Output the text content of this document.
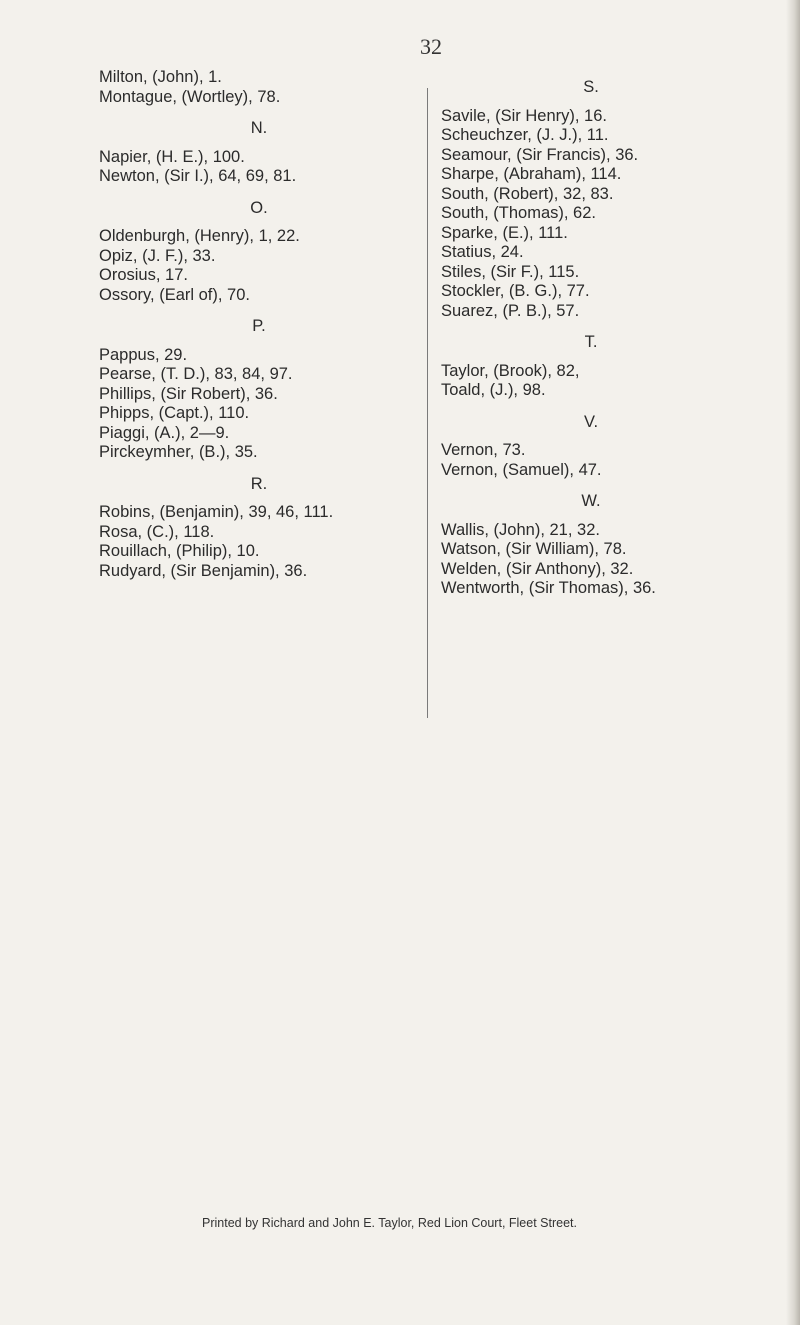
32
Milton, (John), 1.
Montague, (Wortley), 78.
N.
Napier, (H. E.), 100.
Newton, (Sir I.), 64, 69, 81.
O.
Oldenburgh, (Henry), 1, 22.
Opiz, (J. F.), 33.
Orosius, 17.
Ossory, (Earl of), 70.
P.
Pappus, 29.
Pearse, (T. D.), 83, 84, 97.
Phillips, (Sir Robert), 36.
Phipps, (Capt.), 110.
Piaggi, (A.), 2—9.
Pirckeymher, (B.), 35.
R.
Robins, (Benjamin), 39, 46, 111.
Rosa, (C.), 118.
Rouillach, (Philip), 10.
Rudyard, (Sir Benjamin), 36.
S.
Savile, (Sir Henry), 16.
Scheuchzer, (J. J.), 11.
Seamour, (Sir Francis), 36.
Sharpe, (Abraham), 114.
South, (Robert), 32, 83.
South, (Thomas), 62.
Sparke, (E.), 111.
Statius, 24.
Stiles, (Sir F.), 115.
Stockler, (B. G.), 77.
Suarez, (P. B.), 57.
T.
Taylor, (Brook), 82,
Toald, (J.), 98.
V.
Vernon, 73.
Vernon, (Samuel), 47.
W.
Wallis, (John), 21, 32.
Watson, (Sir William), 78.
Welden, (Sir Anthony), 32.
Wentworth, (Sir Thomas), 36.
Printed by Richard and John E. Taylor, Red Lion Court, Fleet Street.
